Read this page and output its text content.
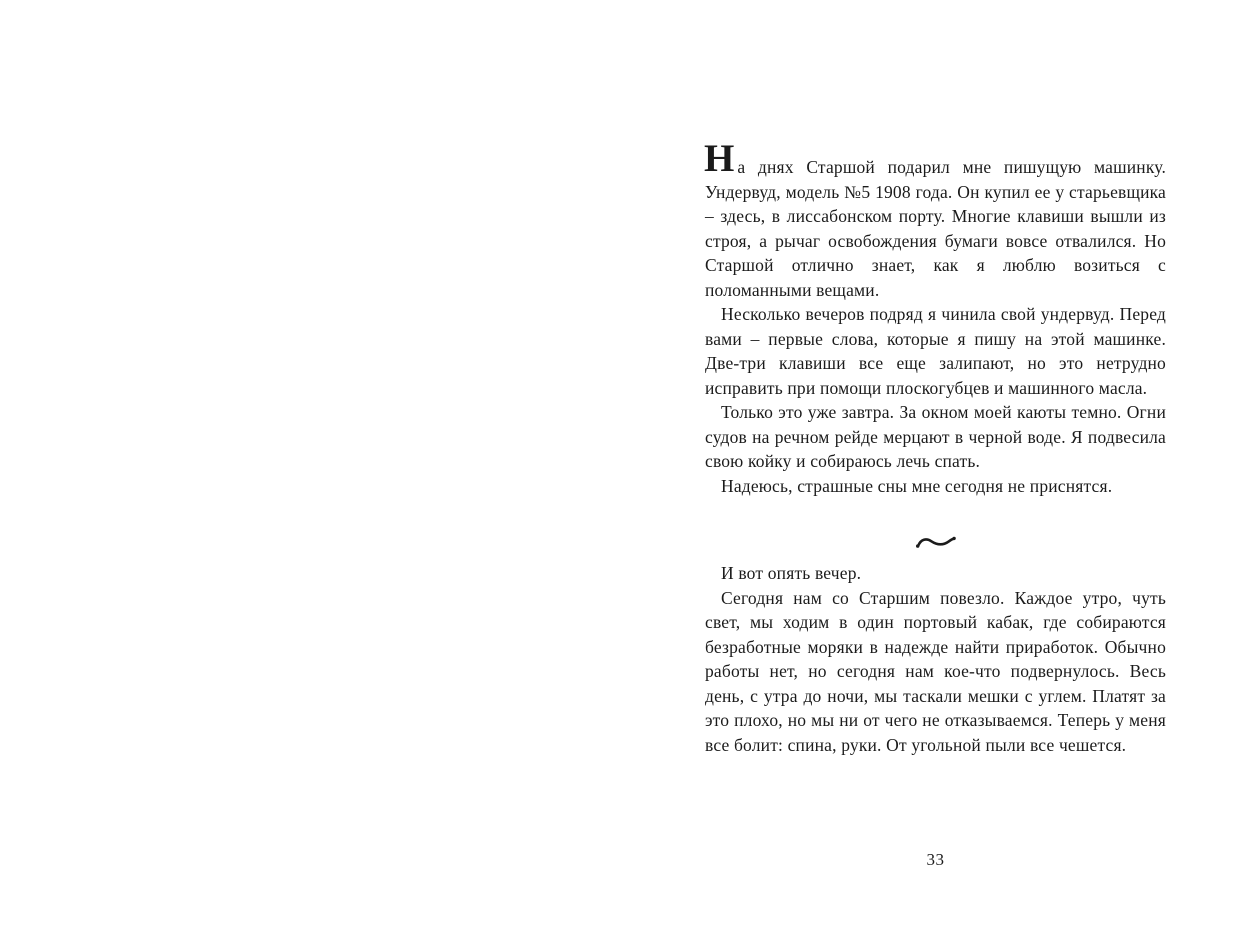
На днях Старшой подарил мне пишущую машинку. Ундервуд, модель №5 1908 года. Он купил ее у старьевщика – здесь, в лиссабонском порту. Многие клавиши вышли из строя, а рычаг освобождения бумаги вовсе отвалился. Но Старшой отлично знает, как я люблю возиться с поломанными вещами.

Несколько вечеров подряд я чинила свой ундервуд. Перед вами – первые слова, которые я пишу на этой машинке. Две-три клавиши все еще залипают, но это нетрудно исправить при помощи плоскогубцев и машинного масла.

Только это уже завтра. За окном моей каюты темно. Огни судов на речном рейде мерцают в черной воде. Я подвесила свою койку и собираюсь лечь спать.

Надеюсь, страшные сны мне сегодня не приснятся.

И вот опять вечер.

Сегодня нам со Старшим повезло. Каждое утро, чуть свет, мы ходим в один портовый кабак, где собираются безработные моряки в надежде найти приработок. Обычно работы нет, но сегодня нам кое-что подвернулось. Весь день, с утра до ночи, мы таскали мешки с углем. Платят за это плохо, но мы ни от чего не отказываемся. Теперь у меня все болит: спина, руки. От угольной пыли все чешется.

33
